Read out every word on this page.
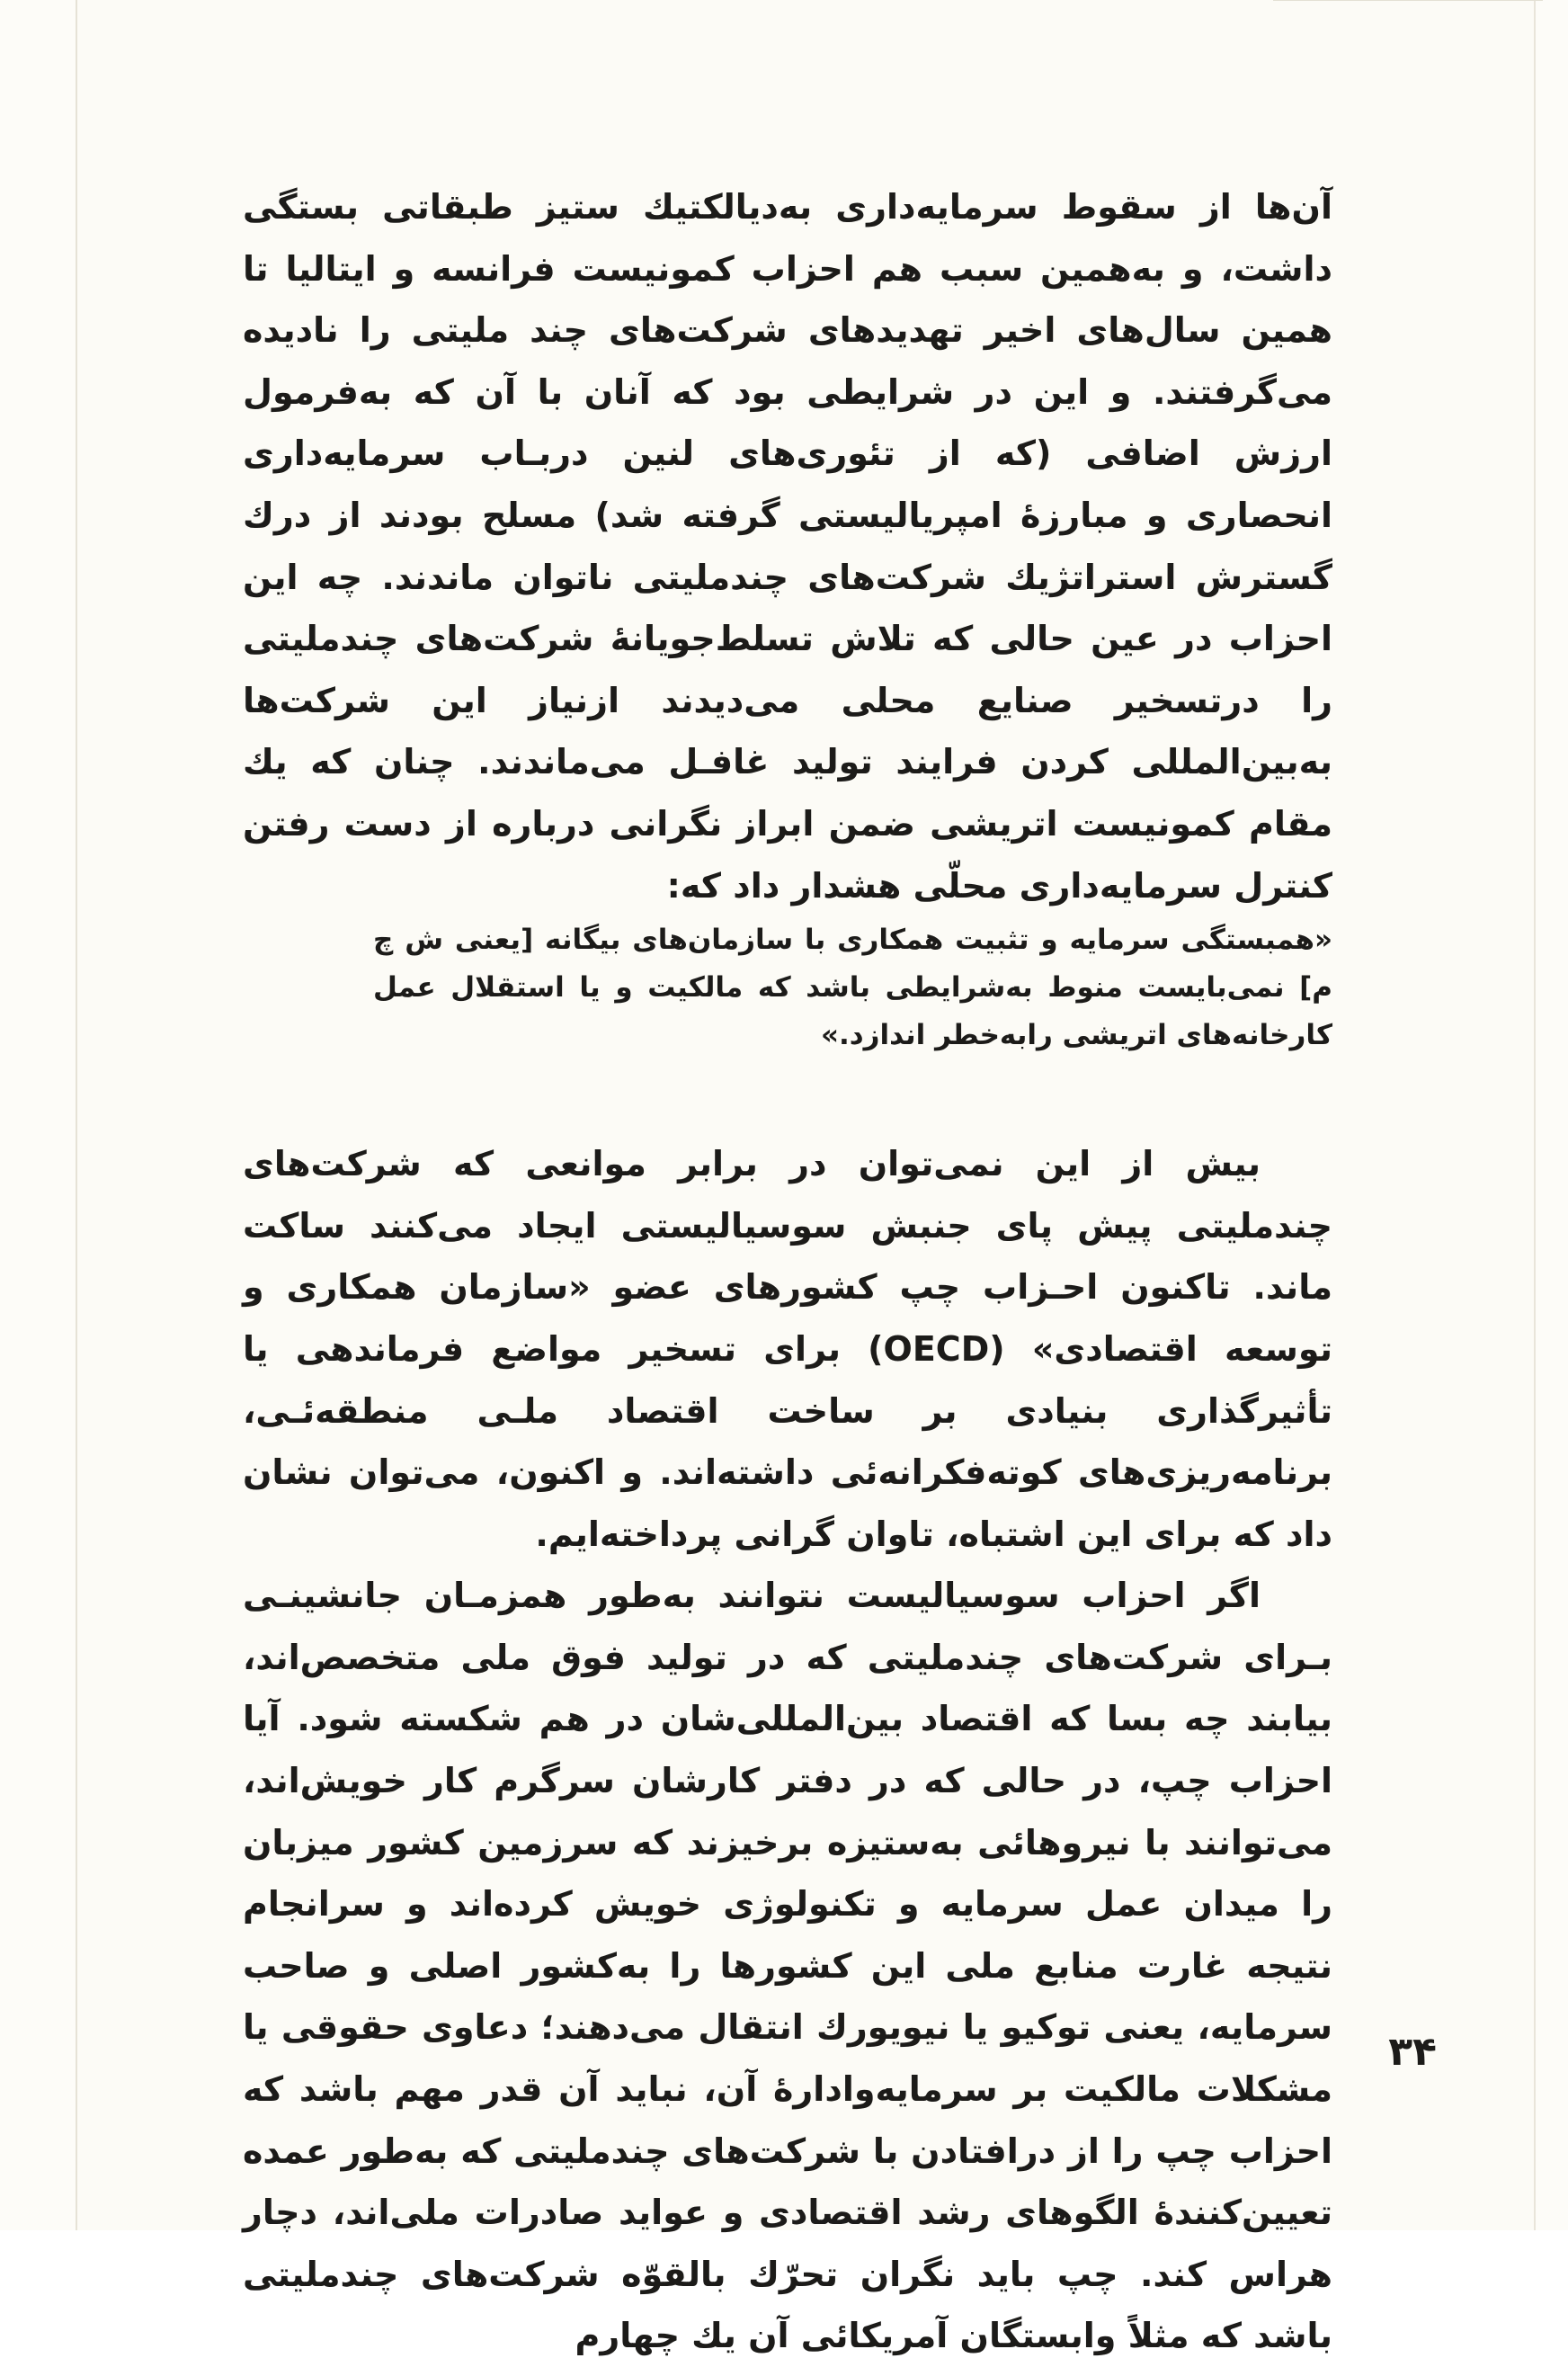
آن‌ها از سقوط سرمایه‌داری به‌دیالکتیك ستیز طبقاتی بستگی داشت، و به‌همین سبب هم احزاب کمونیست فرانسه و ایتالیا تا همین سال‌های اخیر تهدیدهای شرکت‌های چند ملیتی را نادیده می‌گرفتند. و این در شرایطی بود که آنان با آن که به‌فرمول ارزش اضافی (که از تئوری‌های لنین دربـاب سرمایه‌داری انحصاری و مبارزهٔ امپریالیستی گرفته شد) مسلح بودند از درك گسترش استراتژیك شرکت‌های چندملیتی ناتوان ماندند. چه این احزاب در عین حالی که تلاش تسلط‌جویانهٔ شرکت‌های چندملیتی را درتسخیر صنایع محلی می‌دیدند ازنیاز این شرکت‌ها به‌بین‌المللی کردن فرایند تولید غافـل می‌ماندند. چنان که یك مقام کمونیست اتریشی ضمن ابراز نگرانی درباره از دست رفتن کنترل سرمایه‌داری محلّی هشدار داد که:

«همبستگی سرمایه و تثبیت همکاری با سازمان‌های بیگانه [یعنی ش چ م] نمی‌بایست منوط به‌شرایطی باشد که مالکیت و یا استقلال عمل کارخانه‌های اتریشی رابه‌خطر اندازد.»

بیش از این نمی‌توان در برابر موانعی که شرکت‌های چندملیتی پیش پای جنبش سوسیالیستی ایجاد می‌کنند ساکت ماند. تاکنون احـزاب چپ کشورهای عضو «سازمان همکاری و توسعه اقتصادی» (OECD) برای تسخیر مواضع فرماندهی یا تأثیرگذاری بنیادی بر ساخت اقتصاد ملـی منطقه‌ئـی، برنامه‌ریزی‌های کوته‌فکرانه‌ئی داشته‌اند. و اکنون، می‌توان نشان داد که برای این اشتباه، تاوان گرانی پرداخته‌ایم.

اگر احزاب سوسیالیست نتوانند به‌طور همزمـان جانشینـی بـرای شرکت‌های چندملیتی که در تولید فوق ملی متخصص‌اند، بیابند چه بسا که اقتصاد بین‌المللی‌شان در هم شکسته شود. آیا احزاب چپ، در حالی که در دفتر کارشان سرگرم کار خویش‌اند، می‌توانند با نیروهائی به‌ستیزه برخیزند که سرزمین کشور میزبان را میدان عمل سرمایه و تکنولوژی خویش کرده‌اند و سرانجام نتیجه غارت منابع ملی این کشورها را به‌کشور اصلی و صاحب سرمایه، یعنی توکیو یا نیویورك انتقال می‌دهند؛ دعاوی حقوقی یا مشکلات مالکیت بر سرمایه‌وادارهٔ آن، نباید آن قدر مهم باشد که احزاب چپ را از درافتادن با شرکت‌های چندملیتی که به‌طور عمده تعیین‌کنندهٔ الگوهای رشد اقتصادی و عواید صادرات ملی‌اند، دچار هراس کند. چپ باید نگران تحرّك بالقوّه شرکت‌های چندملیتی باشد که مثلاً وابستگان آمریکائی آن یك چهارم

۳۴
